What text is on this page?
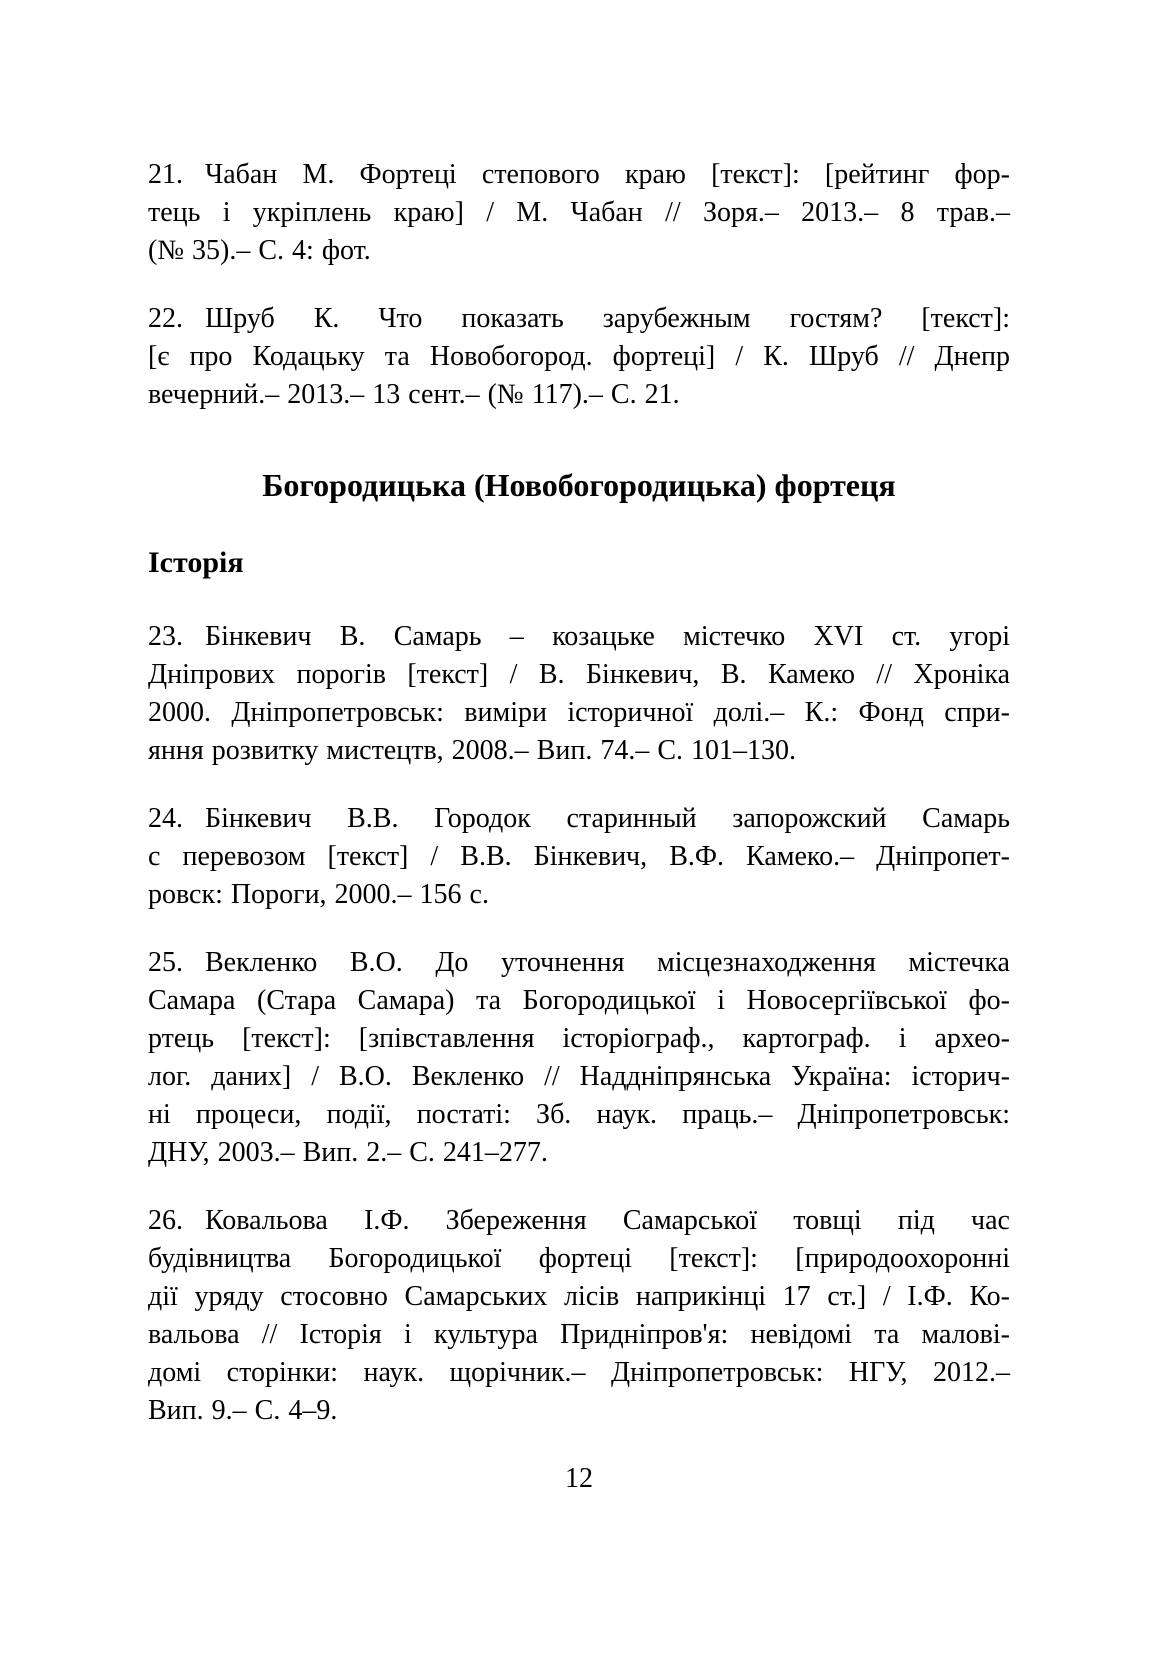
21. Чабан М. Фортеці степового краю [текст]: [рейтинг фор-
тець і укріплень краю] / М. Чабан // Зоря.– 2013.– 8 трав.–
(№ 35).– С. 4: фот.
22. Шруб К. Что показать зарубежным гостям? [текст]:
[є про Кодацьку та Новобогород. фортеці] / К. Шруб // Днепр
вечерний.– 2013.– 13 сент.– (№ 117).– С. 21.
Богородицька (Новобогородицька) фортеця
Історія
23. Бінкевич В. Самарь – козацьке містечко XVI ст. угорі
Дніпрових порогів [текст] / В. Бінкевич, В. Камеко // Хроніка
2000. Дніпропетровськ: виміри історичної долі.– К.: Фонд спри-
яння розвитку мистецтв, 2008.– Вип. 74.– С. 101–130.
24. Бінкевич В.В. Городок старинный запорожский Самарь
с перевозом [текст] / В.В. Бінкевич, В.Ф. Камеко.– Дніпропет-
ровск: Пороги, 2000.– 156 с.
25. Векленко В.О. До уточнення місцезнаходження містечка
Самара (Стара Самара) та Богородицької і Новосергіївської фо-
ртець [текст]: [зпівставлення історіограф., картограф. і архео-
лог. даних] / В.О. Векленко // Наддніпрянська Україна: історич-
ні процеси, події, постаті: Зб. наук. праць.– Дніпропетровськ:
ДНУ, 2003.– Вип. 2.– С. 241–277.
26. Ковальова І.Ф. Збереження Самарської товщі під час
будівництва Богородицької фортеці [текст]: [природоохоронні
дії уряду стосовно Самарських лісів наприкінці 17 ст.] / І.Ф. Ко-
вальова // Історія і культура Придніпров'я: невідомі та малові-
домі сторінки: наук. щорічник.– Дніпропетровськ: НГУ, 2012.–
Вип. 9.– С. 4–9.
12
